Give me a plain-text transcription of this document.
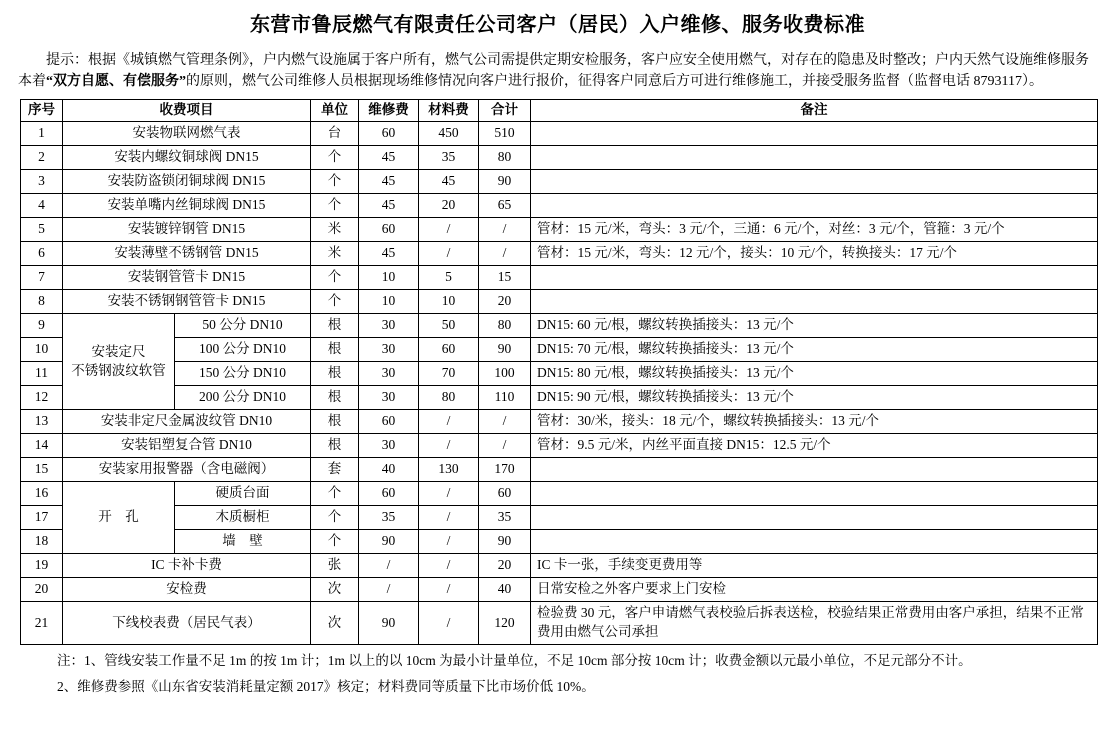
东营市鲁辰燃气有限责任公司客户（居民）入户维修、服务收费标准

提示：根据《城镇燃气管理条例》，户内燃气设施属于客户所有，燃气公司需提供定期安检服务，客户应安全使用燃气，对存在的隐患及时整改；户内天然气设施维修服务本着“双方自愿、有偿服务”的原则，燃气公司维修人员根据现场维修情况向客户进行报价，征得客户同意后方可进行维修施工，并接受服务监督（监督电话 8793117）。

序号	收费项目		单位	维修费	材料费	合计	备注
1	安装物联网燃气表		台	60	450	510	
2	安装内螺纹铜球阀 DN15		个	45	35	80	
3	安装防盗锁闭铜球阀 DN15		个	45	45	90	
4	安装单嘴内丝铜球阀 DN15		个	45	20	65	
5	安装镀锌钢管 DN15		米	60	/	/	管材：15 元/米，弯头：3 元/个，三通：6 元/个，对丝：3 元/个，管箍：3 元/个
6	安装薄壁不锈钢管 DN15		米	45	/	/	管材：15 元/米，弯头：12 元/个，接头：10 元/个，转换接头：17 元/个
7	安装钢管管卡 DN15		个	10	5	15	
8	安装不锈钢钢管管卡 DN15		个	10	10	20	
9	安装定尺
不锈钢波纹软管	50 公分 DN10	根	30	50	80	DN15: 60 元/根，螺纹转换插接头：13 元/个
10		100 公分 DN10	根	30	60	90	DN15: 70 元/根，螺纹转换插接头：13 元/个
11		150 公分 DN10	根	30	70	100	DN15: 80 元/根，螺纹转换插接头：13 元/个
12		200 公分 DN10	根	30	80	110	DN15: 90 元/根，螺纹转换插接头：13 元/个
13	安装非定尺金属波纹管 DN10		根	60	/	/	管材：30/米，接头：18 元/个，螺纹转换插接头：13 元/个
14	安装铝塑复合管 DN10		根	30	/	/	管材：9.5 元/米，内丝平面直接 DN15：12.5 元/个
15	安装家用报警器（含电磁阀）		套	40	130	170	
16	开　孔	硬质台面	个	60	/	60	
17		木质橱柜	个	35	/	35	
18		墙　壁	个	90	/	90	
19	IC 卡补卡费		张	/	/	20	IC 卡一张，手续变更费用等
20	安检费		次	/	/	40	日常安检之外客户要求上门安检
21	下线校表费（居民气表）		次	90	/	120	检验费 30 元，客户申请燃气表校验后拆表送检，校验结果正常费用由客户承担，结果不正常费用由燃气公司承担

注：1、管线安装工作量不足 1m 的按 1m 计；1m 以上的以 10cm 为最小计量单位，不足 10cm 部分按 10cm 计；收费金额以元最小单位，不足元部分不计。

2、维修费参照《山东省安装消耗量定额 2017》核定；材料费同等质量下比市场价低 10%。
